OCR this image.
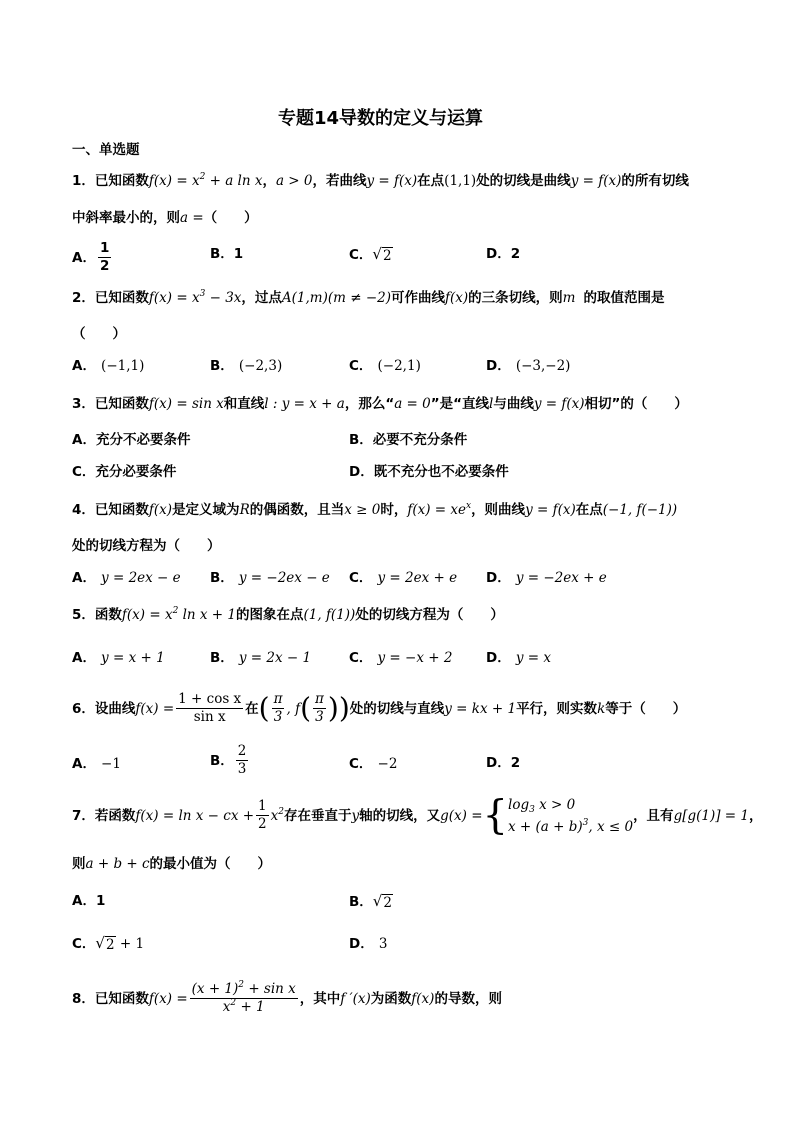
专题14导数的定义与运算
一、单选题
1．已知函数$f(x) = x^2 + a$ ln x，a > 0，若曲线y = f(x)在点(1,1)处的切线是曲线y = f(x)的所有切线
中斜率最小的，则a =（　　）
A． $\frac{1}{2}$	B．1	C． √ 2	D．2
2．已知函数$f(x) = x^3 - 3x$，过点A(1,m)(m ≠ −2)可作曲线f(x)的三条切线，则m 的取值范围是
（　　）
A． (−1,1)	B． (−2,3)	C． (−2,1)	D． (−3,−2)
3．已知函数f(x) = sin x和直线l : y = x + a，那么“a = 0”是“直线l与曲线y = f(x)相切”的（　　）
A．充分不必要条件	B．必要不充分条件
C．充分必要条件	D．既不充分也不必要条件
4．已知函数f(x)是定义域为R的偶函数，且当x ≥ 0时，$f(x) = xe^x$，则曲线y = f(x)在点(−1, f(−1))
处的切线方程为（　　）
A． y = 2ex − e B． y = −2ex − e C． y = 2ex + e D． y = −2ex + e
5．函数$f(x) = x^2$ ln x + 1的图象在点(1, f(1))处的切线方程为（　　）
A． y = x + 1	B． y = 2x − 1	C． y = −x + 2 D． y = x
6．设曲线$f(x) = \frac{\text{1 + cos x}}{\text{sin x}}$ 在( $\frac{\pi}{3}$ , $f( \frac{\pi}{3}$ ))处的切线与直线y = kx + 1平行，则实数k等于（　　）
A． −1	B． $\frac{2}{3}$	C． −2	D．2
7．若函数f(x) = ln x − cx + $\frac{1}{2} x^2$存在垂直于y轴的切线，又g(x) ={ $\log_3 x > 0$
$x + (a + b)^3$, x ≤ 0
，且有g[g(1)] = 1，
则a + b + c的最小值为（　　）
A．1	B． √ 2
C． √ 2 + 1	D． 3
8．已知函数$f(x) = \frac{(x + 1)^2 + \sin x}{x^2 + 1}$ ，其中f ′(x)为函数f(x)的导数，则
